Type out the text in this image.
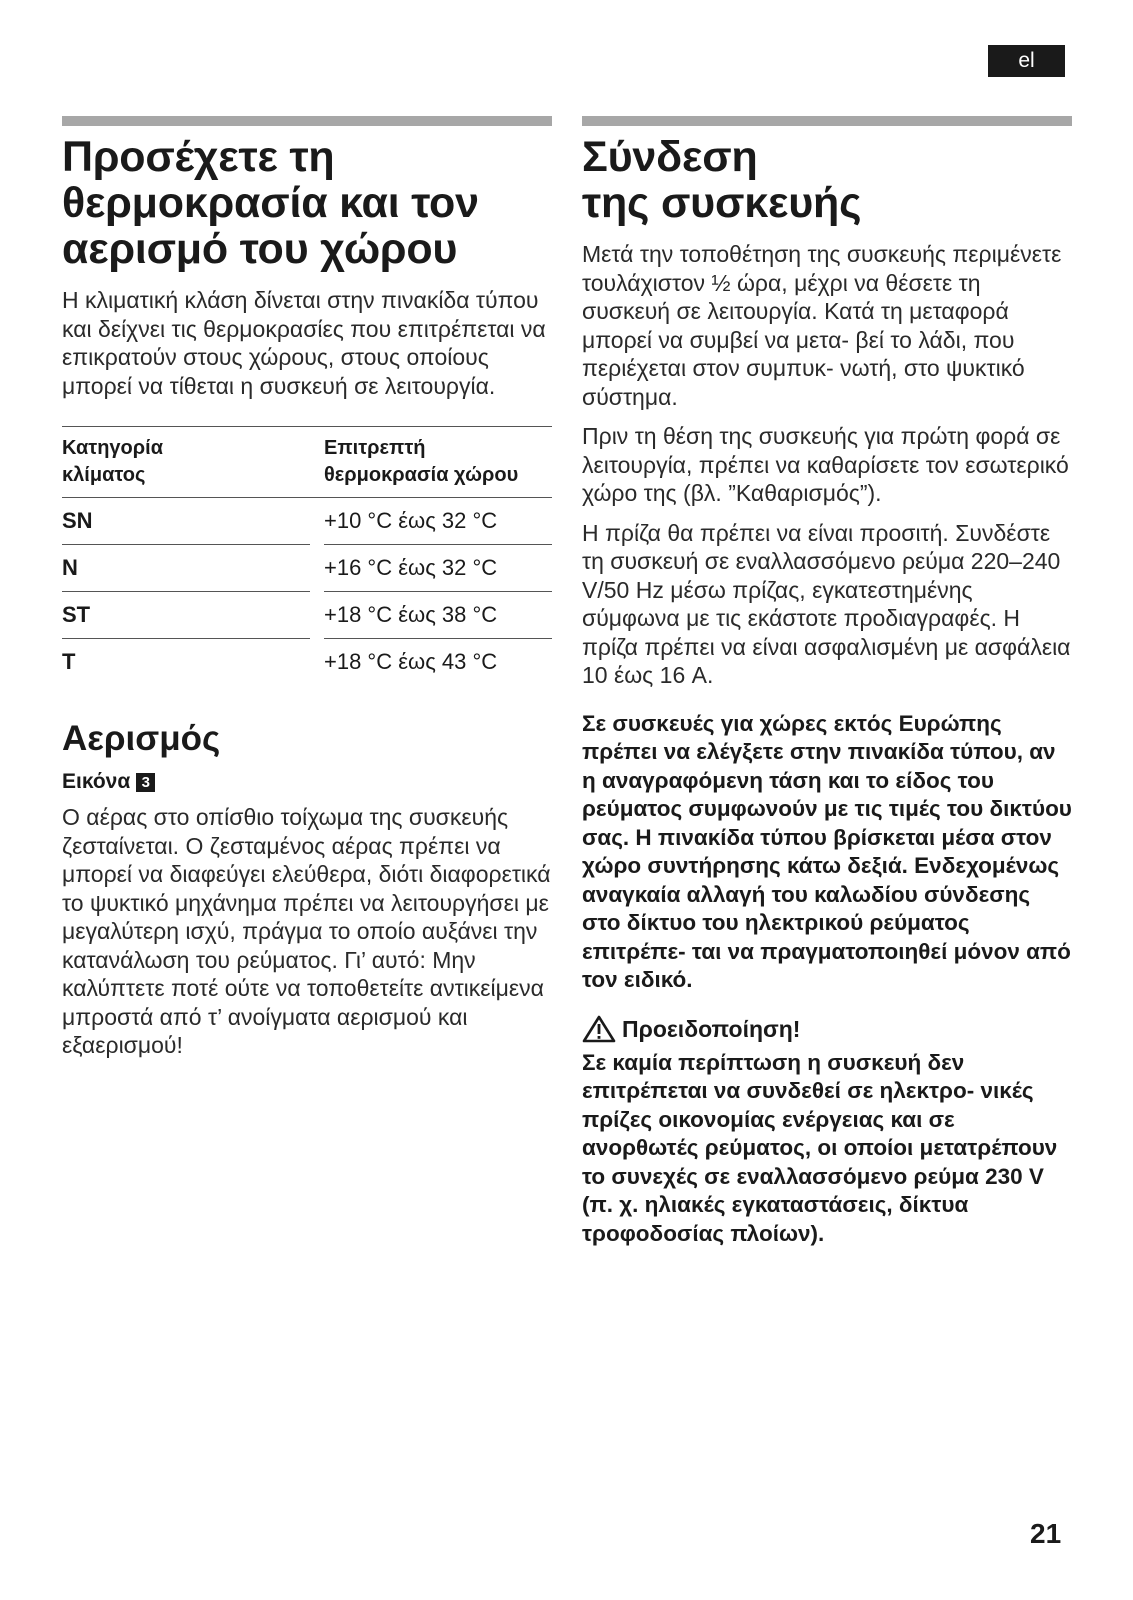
el
Προσέχετε τη
θερμοκρασία και τον
αερισμό του χώρου

Η κλιματική κλάση δίνεται στην πινακίδα τύπου και δείχνει τις θερμοκρασίες που επιτρέπεται να επικρατούν στους χώρους, στους οποίους μπορεί να τίθεται η συσκευή σε λειτουργία.

Κατηγορία
κλίματος		Επιτρεπτή
θερμοκρασία χώρου
SN		+10 °C έως 32 °C
N		+16 °C έως 32 °C
ST		+18 °C έως 38 °C
T		+18 °C έως 43 °C
Αερισμός
Εικόνα 3

Ο αέρας στο οπίσθιο τοίχωμα της συσκευής ζεσταίνεται. Ο ζεσταμένος αέρας πρέπει να μπορεί να διαφεύγει ελεύθερα, διότι διαφορετικά το ψυκτικό μηχάνημα πρέπει να λειτουργήσει με μεγαλύτερη ισχύ, πράγμα το οποίο αυξάνει την κατανάλωση του ρεύματος. Γι’ αυτό: Μην καλύπτετε ποτέ ούτε να τοποθετείτε αντικείμενα μπροστά από τ’ ανοίγματα αερισμού και εξαερισμού!

Σύνδεση
της συσκευής

Μετά την τοποθέτηση της συσκευής περιμένετε τουλάχιστον ½ ώρα, μέχρι να θέσετε τη συσκευή σε λειτουργία. Κατά τη μεταφορά μπορεί να συμβεί να μετα- βεί το λάδι, που περιέχεται στον συμπυκ- νωτή, στο ψυκτικό σύστημα.

Πριν τη θέση της συσκευής για πρώτη φορά σε λειτουργία, πρέπει να καθαρίσετε τον εσωτερικό χώρο της (βλ. ”Καθαρισμός”).

Η πρίζα θα πρέπει να είναι προσιτή. Συνδέστε τη συσκευή σε εναλλασσόμενο ρεύμα 220–240 V/50 Hz μέσω πρίζας, εγκατεστημένης σύμφωνα με τις εκάστοτε προδιαγραφές. Η πρίζα πρέπει να είναι ασφαλισμένη με ασφάλεια 10 έως 16 A.

Σε συσκευές για χώρες εκτός Ευρώπης πρέπει να ελέγξετε στην πινακίδα τύπου, αν η αναγραφόμενη τάση και το είδος του ρεύματος συμφωνούν με τις τιμές του δικτύου σας. Η πινακίδα τύπου βρίσκεται μέσα στον χώρο συντήρησης κάτω δεξιά. Ενδεχομένως αναγκαία αλλαγή του καλωδίου σύνδεσης στο δίκτυο του ηλεκτρικού ρεύματος επιτρέπε- ται να πραγματοποιηθεί μόνον από τον ειδικό.
Προειδοποίηση!
Σε καμία περίπτωση η συσκευή δεν επιτρέπεται να συνδεθεί σε ηλεκτρο- νικές πρίζες οικονομίας ενέργειας και σε ανορθωτές ρεύματος, οι οποίοι μετατρέπουν το συνεχές σε εναλλασσόμενο ρεύμα 230 V (π. χ. ηλιακές εγκαταστάσεις, δίκτυα τροφοδοσίας πλοίων).
21
